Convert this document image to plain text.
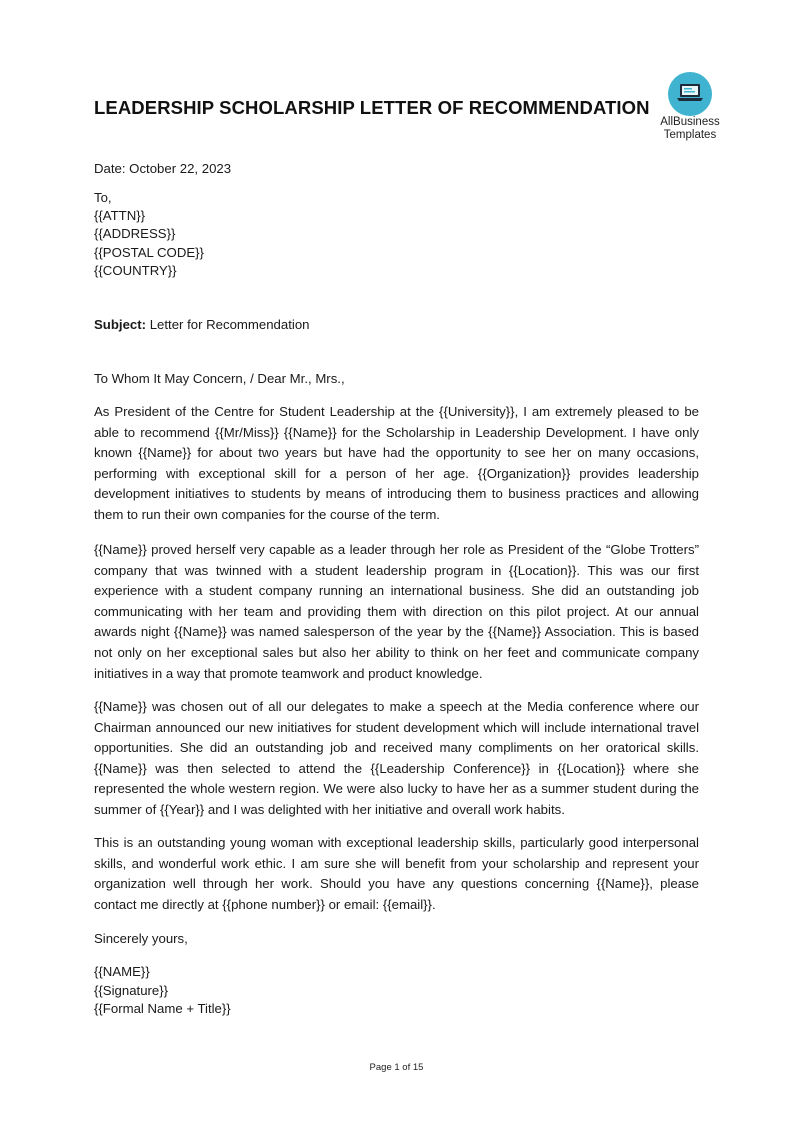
LEADERSHIP SCHOLARSHIP LETTER OF RECOMMENDATION
AllBusiness
Templates
Date: October 22, 2023
To,
{{ATTN}}
{{ADDRESS}}
{{POSTAL CODE}}
{{COUNTRY}}
Subject: Letter for Recommendation
To Whom It May Concern, / Dear Mr., Mrs.,
As President of the Centre for Student Leadership at the {{University}}, I am extremely pleased to be able to recommend {{Mr/Miss}} {{Name}} for the Scholarship in Leadership Development. I have only known {{Name}} for about two years but have had the opportunity to see her on many occasions, performing with exceptional skill for a person of her age. {{Organization}} provides leadership development initiatives to students by means of introducing them to business practices and allowing them to run their own companies for the course of the term.
{{Name}} proved herself very capable as a leader through her role as President of the “Globe Trotters” company that was twinned with a student leadership program in {{Location}}. This was our first experience with a student company running an international business. She did an outstanding job communicating with her team and providing them with direction on this pilot project. At our annual awards night {{Name}} was named salesperson of the year by the {{Name}} Association. This is based not only on her exceptional sales but also her ability to think on her feet and communicate company initiatives in a way that promote teamwork and product knowledge.
{{Name}} was chosen out of all our delegates to make a speech at the Media conference where our Chairman announced our new initiatives for student development which will include international travel opportunities. She did an outstanding job and received many compliments on her oratorical skills. {{Name}} was then selected to attend the {{Leadership Conference}} in {{Location}} where she represented the whole western region. We were also lucky to have her as a summer student during the summer of {{Year}} and I was delighted with her initiative and overall work habits.
This is an outstanding young woman with exceptional leadership skills, particularly good interpersonal skills, and wonderful work ethic. I am sure she will benefit from your scholarship and represent your organization well through her work. Should you have any questions concerning {{Name}}, please contact me directly at {{phone number}} or email: {{email}}.
Sincerely yours,
{{NAME}}
{{Signature}}
{{Formal Name + Title}}
Page 1 of 15
